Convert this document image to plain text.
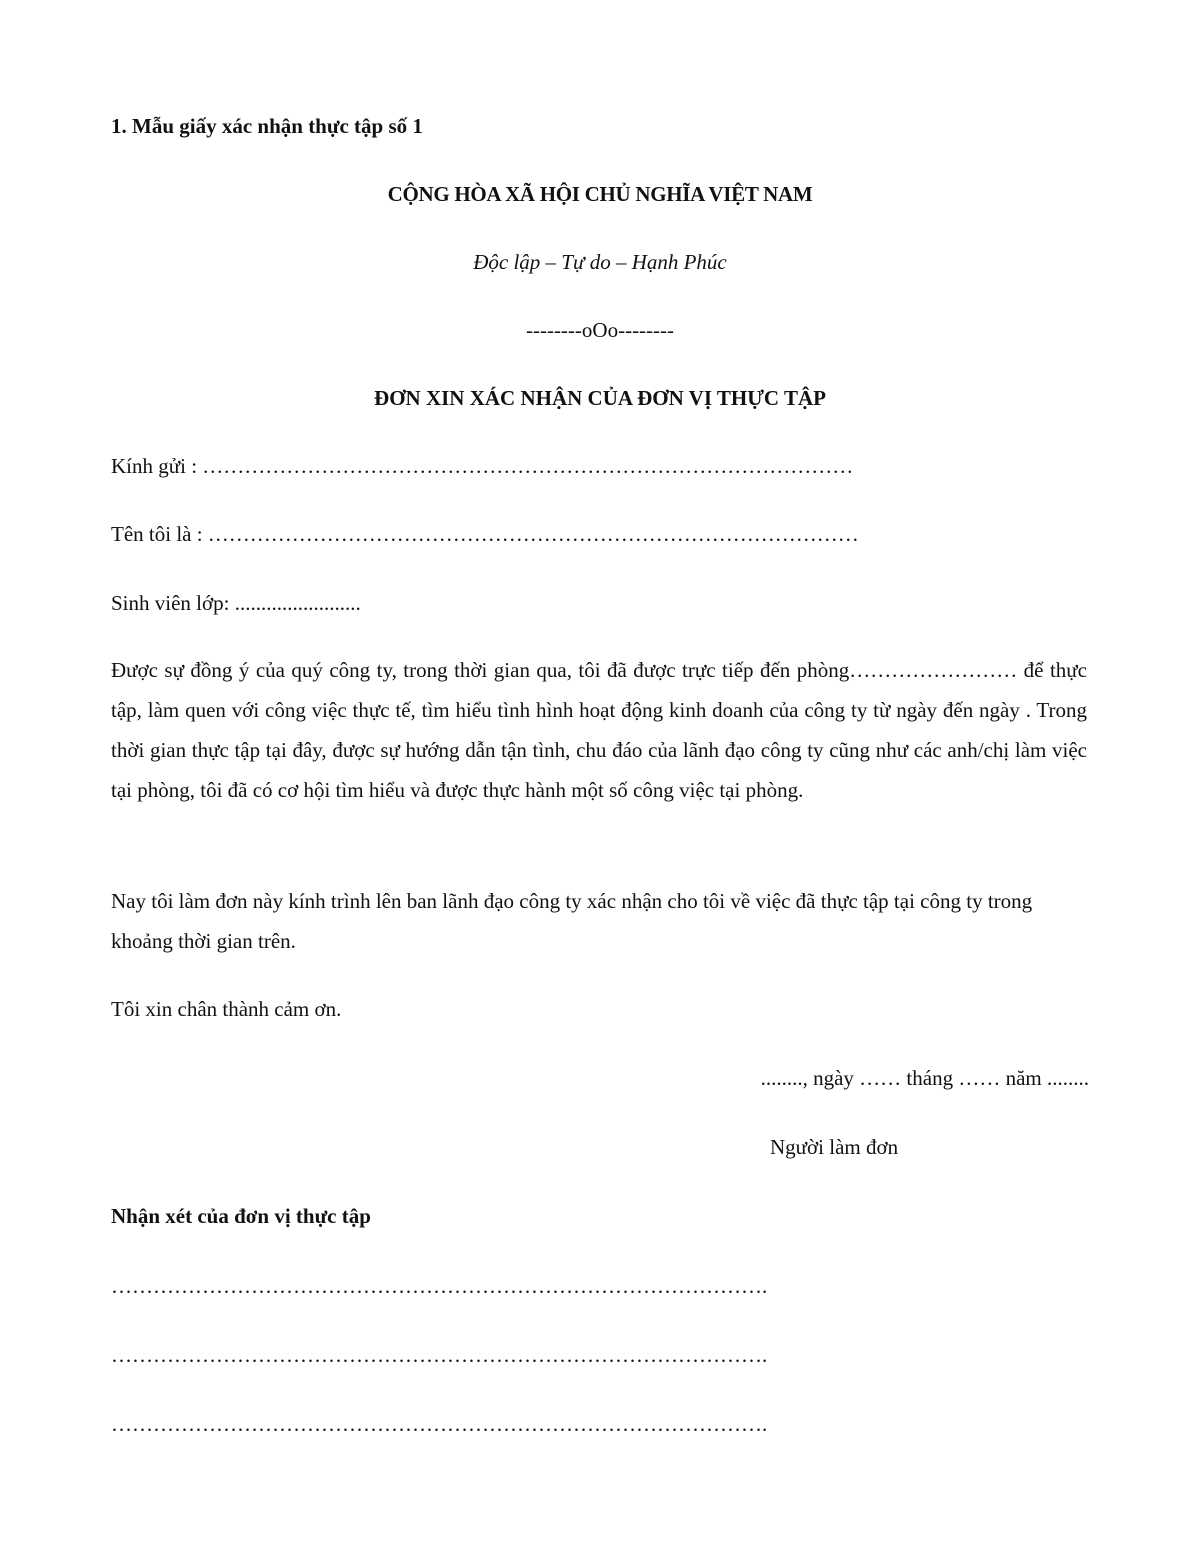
1. Mẫu giấy xác nhận thực tập số 1
CỘNG HÒA XÃ HỘI CHỦ NGHĨA VIỆT NAM
Độc lập – Tự do – Hạnh Phúc
--------oOo--------
ĐƠN XIN XÁC NHẬN CỦA ĐƠN VỊ THỰC TẬP
Kính gửi : …………………………………………………………………………………
Tên tôi là : …………………………………………………………………………………
Sinh viên lớp: ........................
Được sự đồng ý của quý công ty, trong thời gian qua, tôi đã được trực tiếp đến phòng…………………… để thực tập, làm quen với công việc thực tế, tìm hiểu tình hình hoạt động kinh doanh của công ty từ ngày đến ngày . Trong thời gian thực tập tại đây, được sự hướng dẫn tận tình, chu đáo của lãnh đạo công ty cũng như các anh/chị làm việc tại phòng, tôi đã có cơ hội tìm hiểu và được thực hành một số công việc tại phòng.
Nay tôi làm đơn này kính trình lên ban lãnh đạo công ty xác nhận cho tôi về việc đã thực tập tại công ty trong khoảng thời gian trên.
Tôi xin chân thành cảm ơn.
........, ngày …… tháng …… năm ........
Người làm đơn
Nhận xét của đơn vị thực tập
………………………………………………………………………………….
………………………………………………………………………………….
………………………………………………………………………………….
